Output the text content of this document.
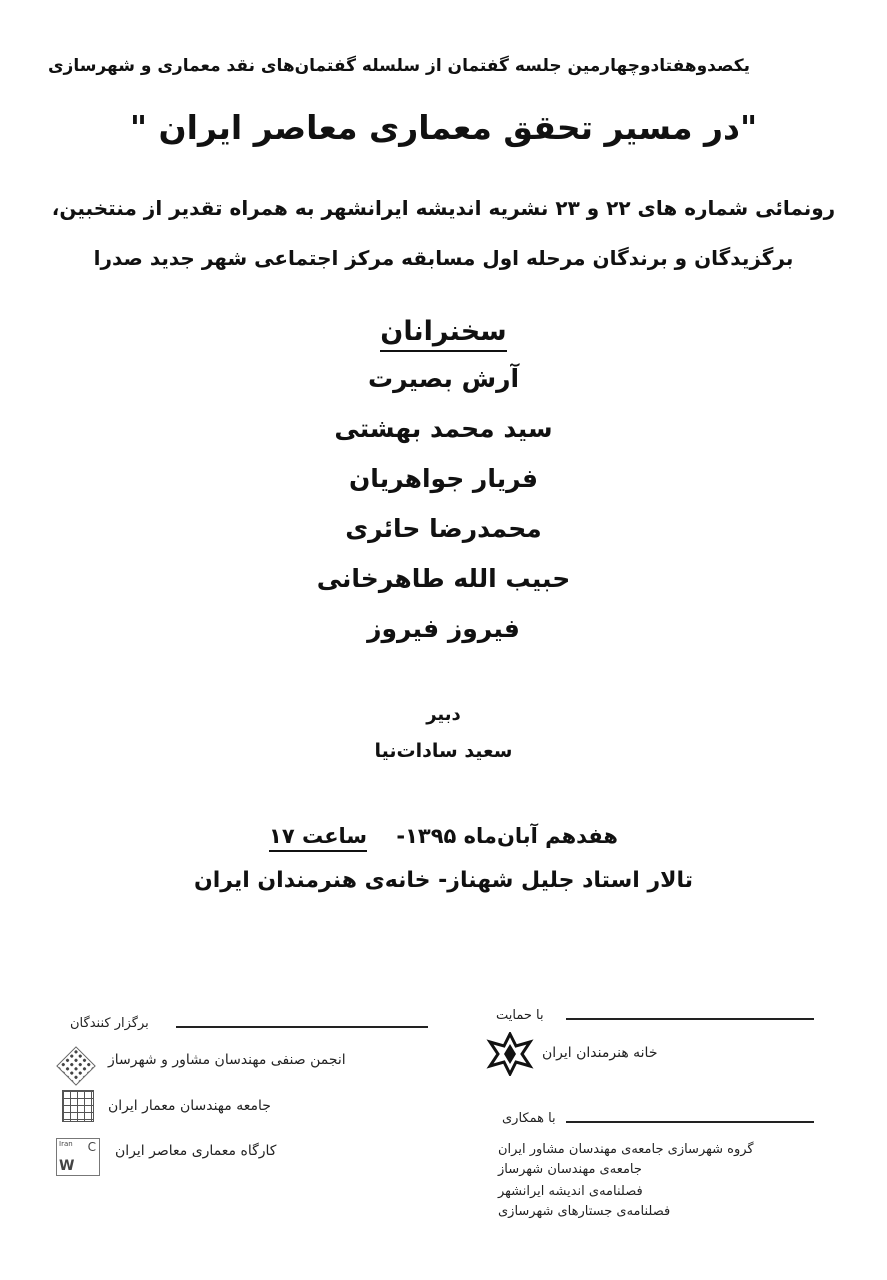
یکصدوهفتادوچهارمین جلسه گفتمان از سلسله گفتمان‌های نقد معماری و شهرسازی
"در مسیر تحقق معماری معاصر ایران "
رونمائی شماره های ۲۲ و ۲۳ نشریه اندیشه ایرانشهر به همراه تقدیر از منتخبین،
برگزیدگان و برندگان مرحله اول مسابقه مرکز اجتماعی شهر جدید صدرا
سخنرانان
آرش بصیرت
سید محمد بهشتی
فریار جواهریان
محمدرضا حائری
حبیب الله طاهرخانی
فیروز فیروز
دبیر
سعید سادات‌نیا
هفدهم آبان‌ماه ۱۳۹۵-    ساعت ۱۷
تالار استاد جلیل شهناز- خانه‌ی هنرمندان ایران
برگزار کنندگان
انجمن صنفی مهندسان مشاور و شهرساز
جامعه مهندسان معمار ایران
Iran C
W
کارگاه معماری معاصر ایران
با حمایت
خانه هنرمندان ایران
با همکاری
گروه شهرسازی جامعه‌ی مهندسان مشاور ایران
جامعه‌ی مهندسان شهرساز
فصلنامه‌ی اندیشه ایرانشهر
فصلنامه‌ی جستارهای شهرسازی
